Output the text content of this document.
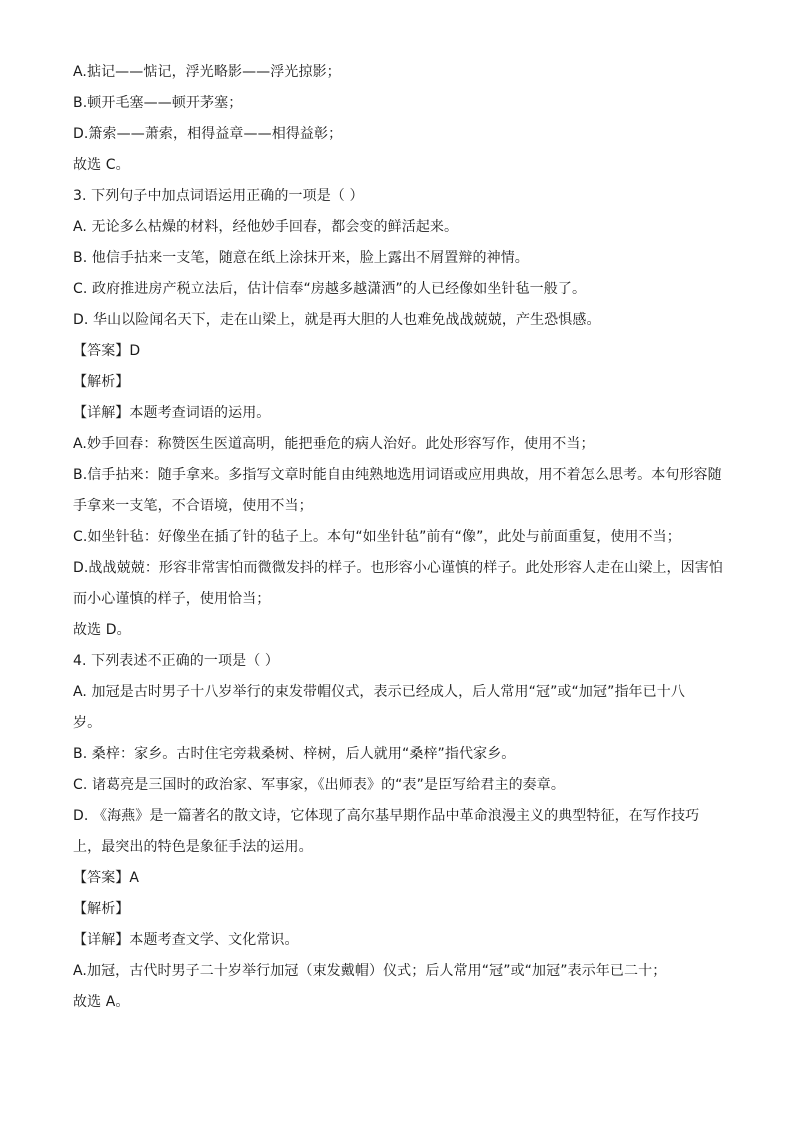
A.掂记——惦记，浮光略影——浮光掠影；

B.顿开毛塞——顿开茅塞；

D.箫索——萧索，相得益章——相得益彰；

故选 C。

3. 下列句子中加点词语运用正确的一项是（ ）

A. 无论多么枯燥的材料，经他妙手回春，都会变的鲜活起来。

B. 他信手拈来一支笔，随意在纸上涂抹开来，脸上露出不屑置辩的神情。

C. 政府推进房产税立法后，估计信奉“房越多越潇洒”的人已经像如坐针毡一般了。

D. 华山以险闻名天下，走在山梁上，就是再大胆的人也难免战战兢兢，产生恐惧感。

【答案】D

【解析】

【详解】本题考查词语的运用。

A.妙手回春：称赞医生医道高明，能把垂危的病人治好。此处形容写作，使用不当；

B.信手拈来：随手拿来。多指写文章时能自由纯熟地选用词语或应用典故，用不着怎么思考。本句形容随

手拿来一支笔，不合语境，使用不当；

C.如坐针毡：好像坐在插了针的毡子上。本句“如坐针毡”前有“像”，此处与前面重复，使用不当；

D.战战兢兢：形容非常害怕而微微发抖的样子。也形容小心谨慎的样子。此处形容人走在山梁上，因害怕

而小心谨慎的样子，使用恰当；

故选 D。

4. 下列表述不正确的一项是（ ）

A. 加冠是古时男子十八岁举行的束发带帽仪式，表示已经成人，后人常用“冠”或“加冠”指年已十八

岁。

B. 桑梓：家乡。古时住宅旁栽桑树、梓树，后人就用“桑梓”指代家乡。

C. 诸葛亮是三国时的政治家、军事家，《出师表》的“表”是臣写给君主的奏章。

D. 《海燕》是一篇著名的散文诗，它体现了高尔基早期作品中革命浪漫主义的典型特征，在写作技巧

上，最突出的特色是象征手法的运用。

【答案】A

【解析】

【详解】本题考查文学、文化常识。

A.加冠，古代时男子二十岁举行加冠（束发戴帽）仪式；后人常用“冠”或“加冠”表示年已二十；

故选 A。
